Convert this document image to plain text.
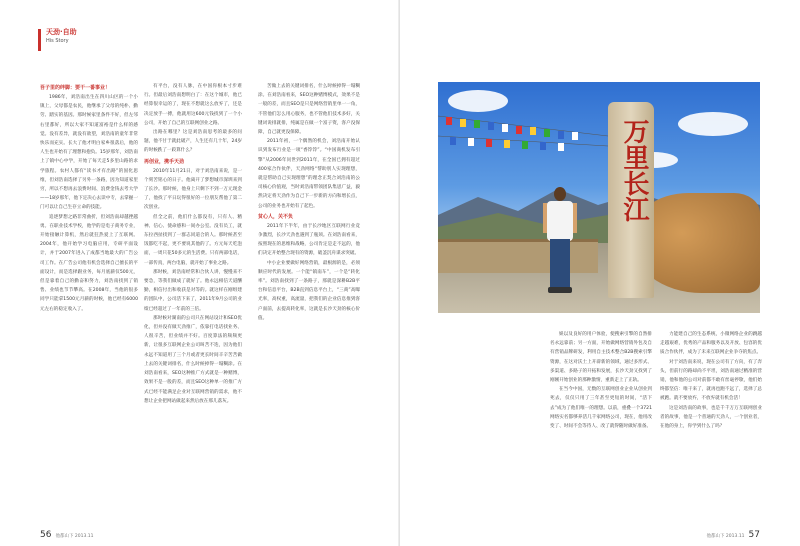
天劲·自助
His Story

吾子里的绊脚：要干一番事业！

1986年，刘浩南出生在四川山区的一个小镇上，父母都是农民，他继承了父母的纯朴、勤劳、踏实的基因。那时候家里条件不好，但左邻右里都好，所以大家不知道富裕是什么样的感觉。没有差异，就没有欲望，刘浩南的童年非常快乐而充实。长大了他才明白家乡很落后，他的人生也开始有了理想和抱负。15岁那年，刘浩南上了镇中心中学，开始了每天走5多里山路的求学旅程。农村人都有“读书才有出路”的固化思维，但刘浩南选择了另外一条路，因为知道家里穷，所以不想再去浪费时间、浪费金钱去考大学——18岁那年，他下定决心去读中专，去掌握一门可以让自己生存立命的技能。

追逐梦想之路非常曲折，但刘浩南却越挫越勇。在职业技术学校，他学的是电子商务专业，开始接触计算机，然后就狂热爱上了互联网。2004年，他开始学习电脑应用，专研平面设计，并于2007年进入了成都当地最大的广告公司工作。在广告公司他有机会选择自己擅长的平面设计，而是选择跟业务，每月底薪仅500元，但是靠着自己的勤奋和努力，刘浩南找到了销售、业绩也节节攀高。在2008年，当他的很多同学只能拿1500元月薪的时候，他已经有6000元左右的稳定收入了。

有平台，没有人脉，在中国你根本寸步难行。但最后刘浩南想明白了：在这个城市，他已经算很幸运的了，现在不想就这么放弃了，还是决定放手一搏，他就用这600元钱找到了一个小公司，开始了自己的互联网创业之路。

出路在哪里？这是刘浩南思考的最多的问题，他不甘于就此破产，人生还有几十年，24岁的时候跌了一跤算什么？

再创业，携手天劲

2010年11月21日，对于刘浩南来说，是一个刻苦铭心的日子。他离开了梦想城市深圳来到了长沙。那时候，他身上只剩下不到一万元现金了，他找了平日玩得很好的一位朋友帮他了第二次创业。

但全之前，他们什么都没有，只有人、精神、信心、使命感和一间办公室。没有员工，就东拉西扯找到了一群志同道合的人。那时候甚至饭都吃不起，更不要说其他的了。方元每天吃泡面，一周只花50多元的生活费。只有两部电话，一部传真，两台电脑，就开始了事业之路。

那时候，刘浩南经常和合伙人讲，慢慢来不要急，等我们做成了就好了。他永远相信天道酬勤，相信付出和收获是对等的。就这样在刚组建的团队中，公司活下来了，2011年9月公司的业绩已经超过了一年前的三倍。

那时候对湖南的公司只在网站设计和SEO优化，但并没有做天劲推广，依靠打电话找业务、人很辛苦，但业绩并不好。百度算法的频频更新，让很多互联网企业公司叫苦不迭，因为他们永远不知道用了三个月或者更长时间辛辛苦苦做上去的关键词排名，什么时候掉得一塌糊涂。在刘浩南看来，SEO这种推广方式就是一种赌博，效果不是一般的差，而且SEO这种单一的推广方式已经不能满足企业对互联网营销的需求，他不想让企业把网站做起来然后放在那儿落灰。

苦做上去的关键词排名，什么时候掉得一塌糊涂。在刘浩南看来，SEO这种赌博模式，效果不是一般的差，而且SEO是只是网络营销里单一一角，不管他们怎么用心服务，也不管他们技术多好，关键词说排就排，纯属是在做一个富子资，客户没保障，自己就更没保障。

2011年初，一个偶然的机会，刘浩南开始认识到发布行业是一项“香饽饽”。“中国商机发布引擎”从2006年问世到2011年，在全国已拥有超过400家合作伙伴，天劲网络“帮助别人实现理想，就是帮助自己实现理想”的理念正契合刘浩南的公司核心价值观，当时刘浩南带领团队集思广益，毅然决定将天劲作为自己下一步新的方向和增长点，公司的业务也开始有了起色。

贫心人，关不负

2011年下半年，由于长沙地区互联网行业竞争激烈，长沙天劲也遇到了瓶颈。在刘浩南看来，按照现在的思维和战略，公司肯定是走不远的，他们决定开始整合现有的资源，破釜沉舟谋求突破。

中小企业要做好网络营销，最根源的是，必须顺应时代的发展。一个能“镇南车”，一个是“转化率”。刘浩南找到了一条路子，那就是深耕B2B平台和信息平台，B2B直到信息平台上，“三商”高曝光率，高权重，高流量，把我们的企业信息推到客户面前，去提高转化率，这就是长沙天劲的核心价值。

56 他都山下 2013.11

娱以及良好的用户体验，使搜索引擎的自然排名永远靠前；另一方面，开始做网络营销外包及自有营销品牌研发，利用自主技术整合B2B搜索引擎资源，在这对沃土上开辟新的领域，通过多形式、多渠道、多路子的开拓和发展，长沙天劲又找到了刚刚开始创业的那种激情，重新走上了正轨。

在当今中国，无数的互联网创业企业从创业到死去，仅仅只用了三年甚至更短的时间，“活下去”成为了他们唯一的理想。以前，重叠一个3721网络实名都够养活几千家网络公司，现在，他用改变了、时间不会等待人、改了就得随时做好准备。

力能建自己的生态系统，小微网络企业的跳越走越艰难，优秀的产品和服务以及开放、包容的优质合作伙伴，成为了未来互联网企业争夺的焦点。

对于刘浩南来说，现在公司有了方向，有了奔头，但前行的路却尚不平坦，刘浩南通过精准的营销，他和他的公司对前都不敢有丝毫停歇，他们始终都坚信：唯干来了，就再也跑不远了，选择了总被跑。就不要放弃，不放弃就有机会活！

这是刘浩南的故事，也是千千万万互联网创业者的故事，他是一个普通的天劲人，一个创业者，在他的身上，你学到什么了吗？

他都山下 2013.11 57
万里长江
